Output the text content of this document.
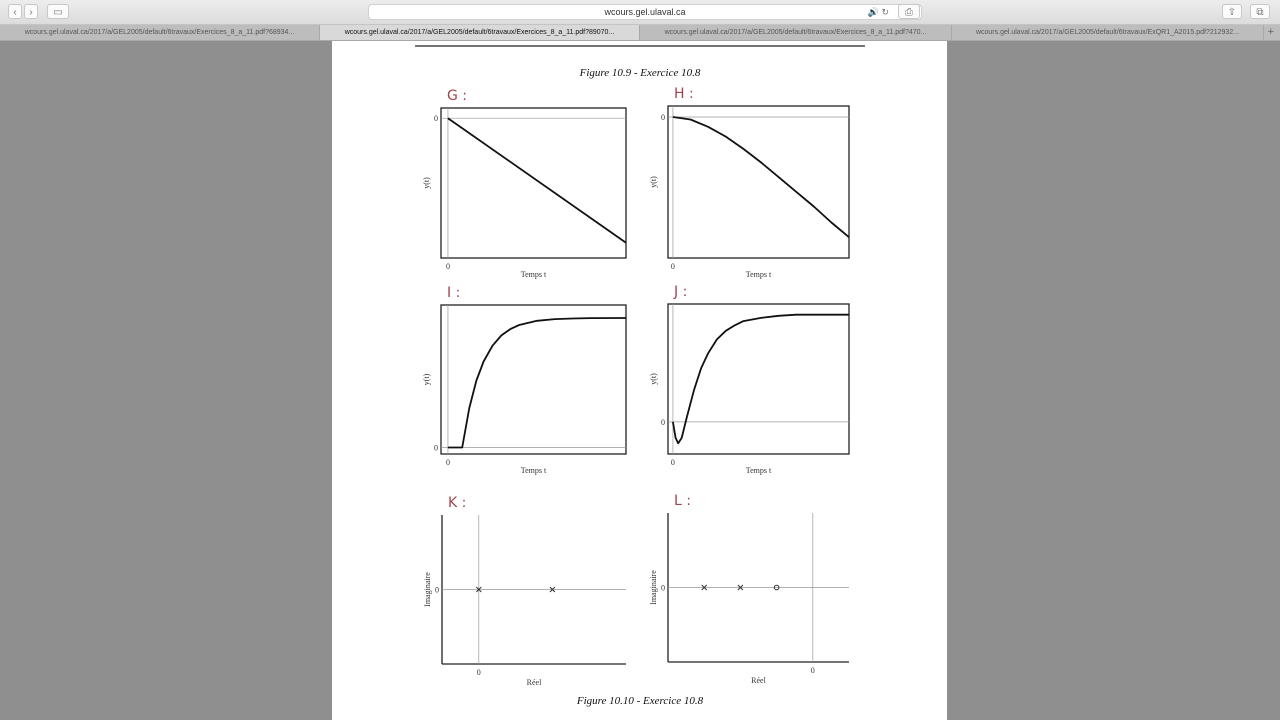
‹	›	▭	wcours.gel.ulaval.ca	🔊 ↻	⎙	⇪	⧉
wcours.gel.ulaval.ca/2017/a/GEL2005/default/6travaux/Exercices_8_a_11.pdf?68934...	wcours.gel.ulaval.ca/2017/a/GEL2005/default/6travaux/Exercices_8_a_11.pdf?89070...	wcours.gel.ulaval.ca/2017/a/GEL2005/default/6travaux/Exercices_8_a_11.pdf?470...	wcours.gel.ulaval.ca/2017/a/GEL2005/default/6travaux/ExQR1_A2015.pdf?212932...	+
Figure 10.9 - Exercice 10.8
Figure 10.10 - Exercice 10.8
G :
0
0
Temps t
y(t)
H :
0
0
Temps t
y(t)
I :
0
0
Temps t
y(t)
J :
0
0
Temps t
y(t)
K :
0
0
Réel
Imaginaire
L :
0
0
Réel
Imaginaire
